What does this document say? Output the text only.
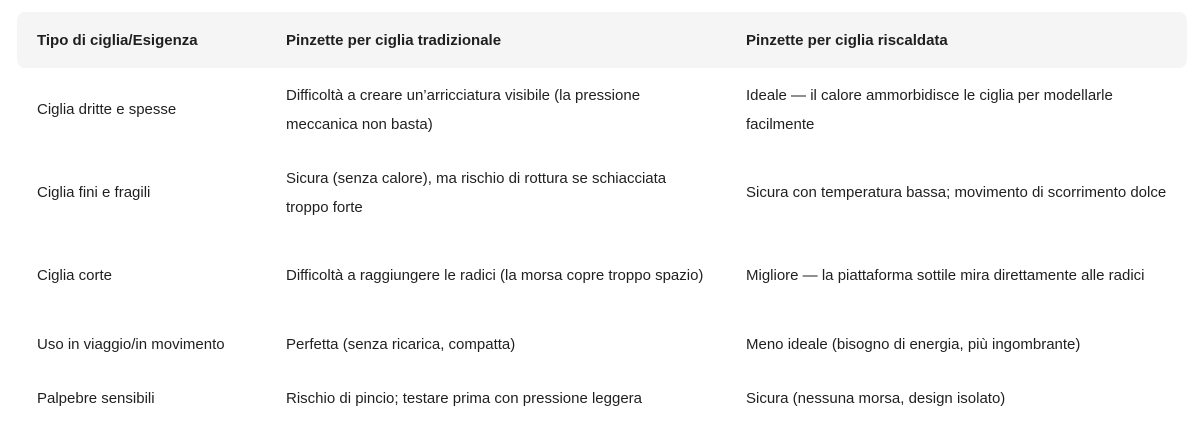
Tipo di ciglia/Esigenza	Pinzette per ciglia tradizionale	Pinzette per ciglia riscaldata
Ciglia dritte e spesse	Difficoltà a creare un’arricciatura visibile (la pressione meccanica non basta)	Ideale — il calore ammorbidisce le ciglia per modellarle facilmente
Ciglia fini e fragili	Sicura (senza calore), ma rischio di rottura se schiacciata troppo forte	Sicura con temperatura bassa; movimento di scorrimento dolce
Ciglia corte	Difficoltà a raggiungere le radici (la morsa copre troppo spazio)	Migliore — la piattaforma sottile mira direttamente alle radici
Uso in viaggio/in movimento	Perfetta (senza ricarica, compatta)	Meno ideale (bisogno di energia, più ingombrante)
Palpebre sensibili	Rischio di pincio; testare prima con pressione leggera	Sicura (nessuna morsa, design isolato)
